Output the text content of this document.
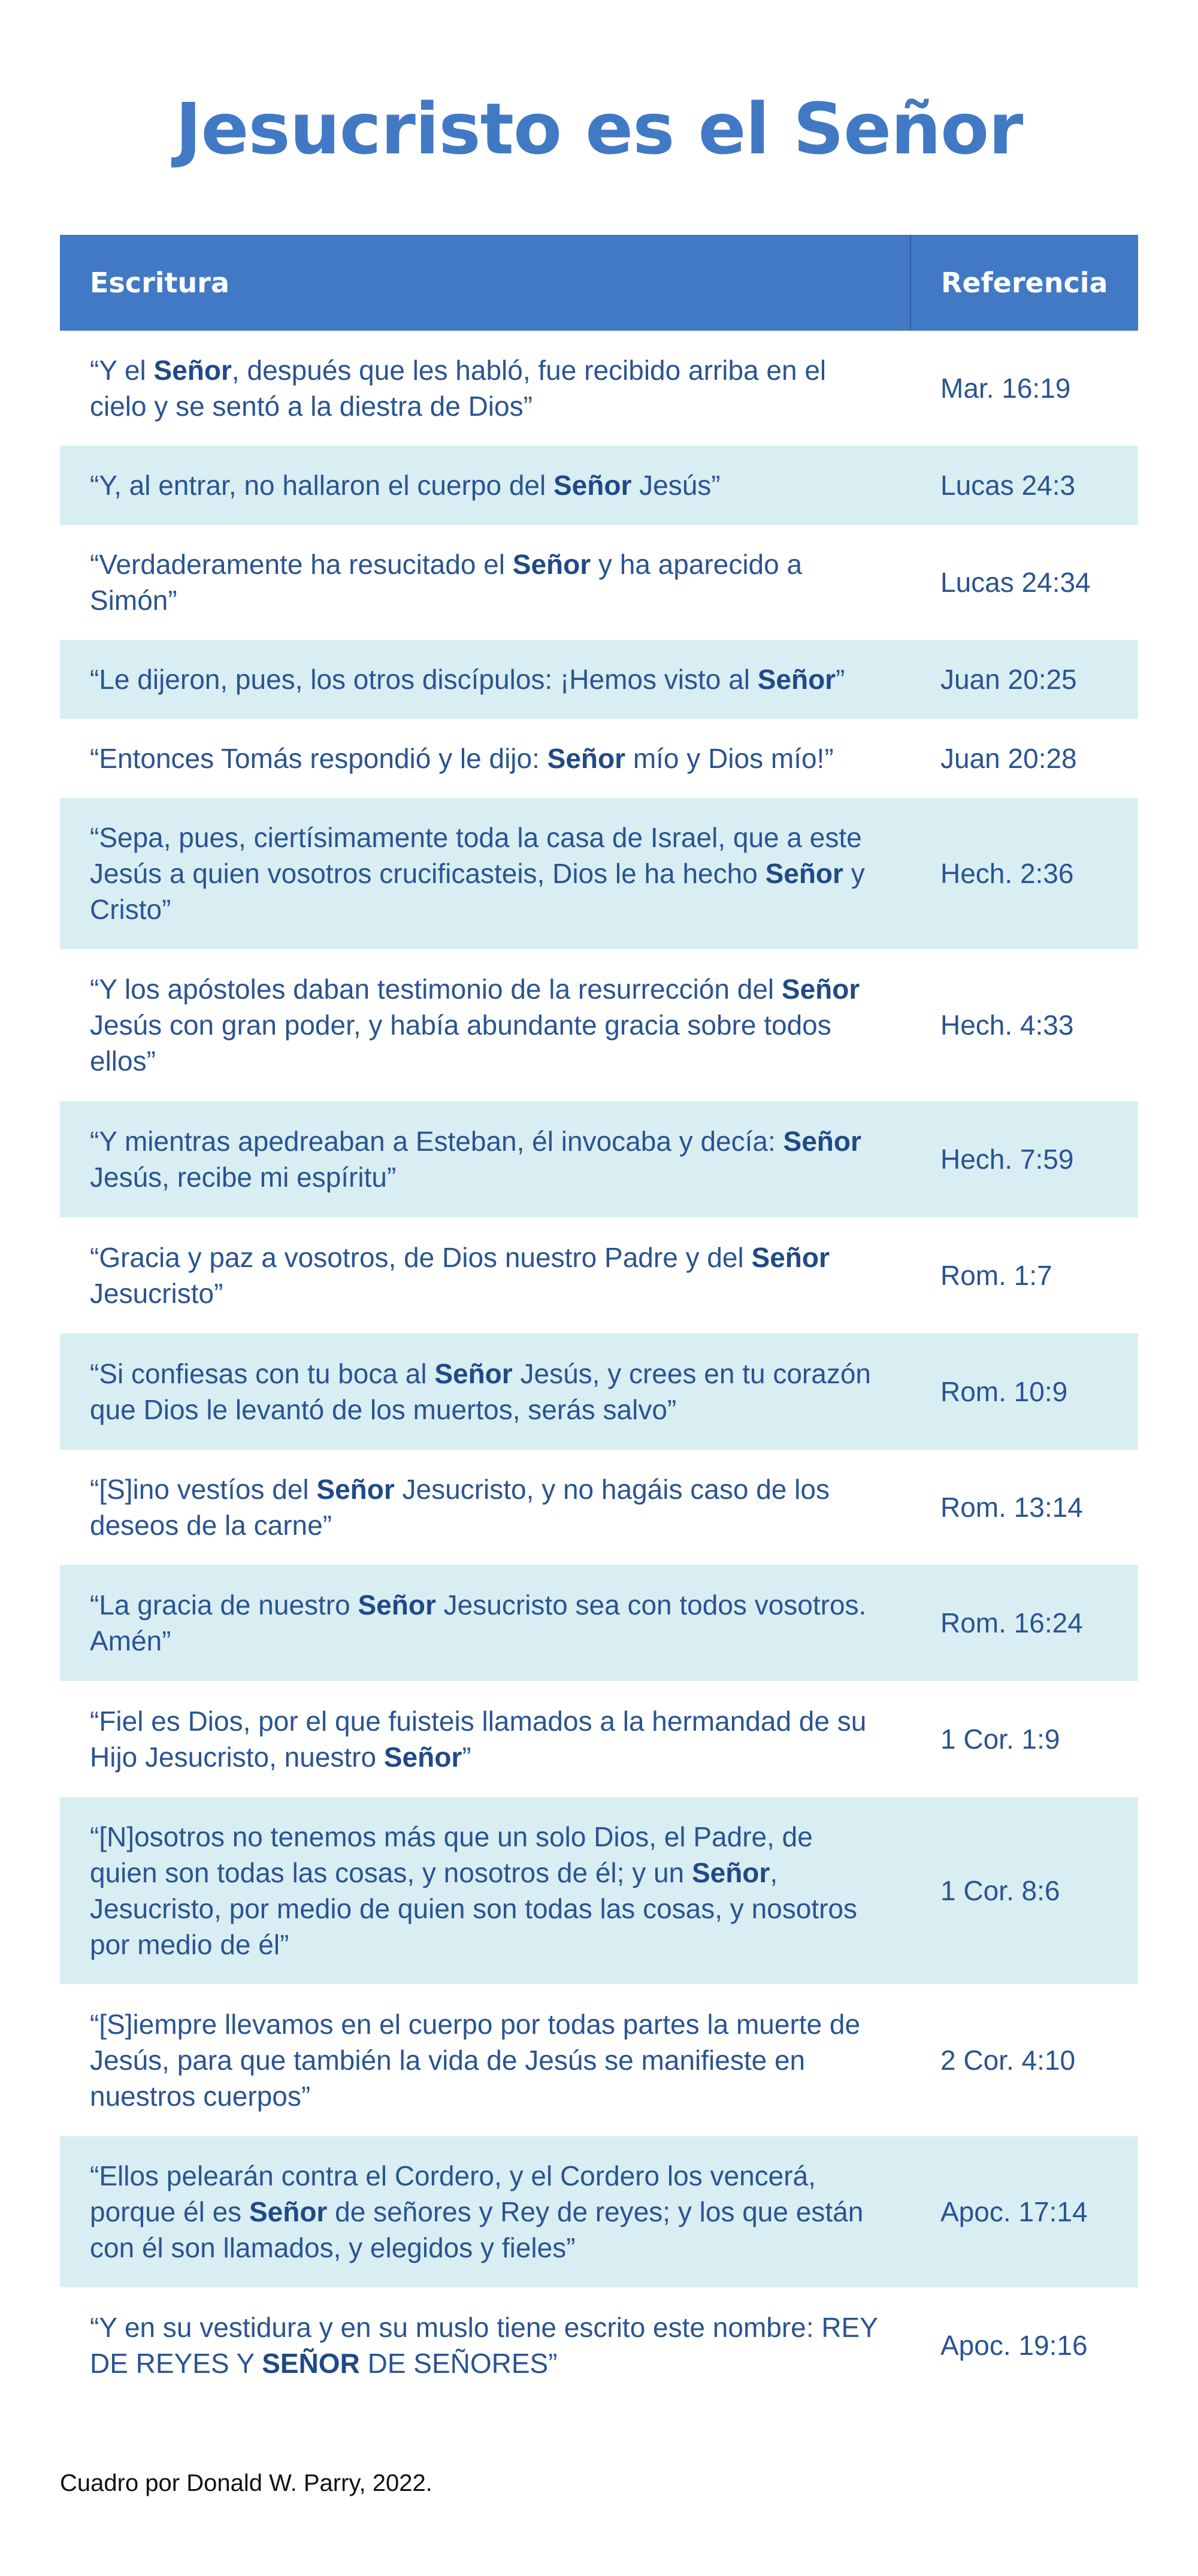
Jesucristo es el Señor
Escritura	Referencia
“Y el Señor, después que les habló, fue recibido arriba en el cielo y se sentó a la diestra de Dios”	Mar. 16:19
“Y, al entrar, no hallaron el cuerpo del Señor Jesús”	Lucas 24:3
“Verdaderamente ha resucitado el Señor y ha aparecido a Simón”	Lucas 24:34
“Le dijeron, pues, los otros discípulos: ¡Hemos visto al Señor”	Juan 20:25
“Entonces Tomás respondió y le dijo: Señor mío y Dios mío!”	Juan 20:28
“Sepa, pues, ciertísimamente toda la casa de Israel, que a este Jesús a quien vosotros crucificasteis, Dios le ha hecho Señor y Cristo”	Hech. 2:36
“Y los apóstoles daban testimonio de la resurrección del Señor Jesús con gran poder, y había abundante gracia sobre todos ellos”	Hech. 4:33
“Y mientras apedreaban a Esteban, él invocaba y decía: Señor Jesús, recibe mi espíritu”	Hech. 7:59
“Gracia y paz a vosotros, de Dios nuestro Padre y del Señor Jesucristo”	Rom. 1:7
“Si confiesas con tu boca al Señor Jesús, y crees en tu corazón que Dios le levantó de los muertos, serás salvo”	Rom. 10:9
“[S]ino vestíos del Señor Jesucristo, y no hagáis caso de los deseos de la carne”	Rom. 13:14
“La gracia de nuestro Señor Jesucristo sea con todos vosotros. Amén”	Rom. 16:24
“Fiel es Dios, por el que fuisteis llamados a la hermandad de su Hijo Jesucristo, nuestro Señor”	1 Cor. 1:9
“[N]osotros no tenemos más que un solo Dios, el Padre, de quien son todas las cosas, y nosotros de él; y un Señor, Jesucristo, por medio de quien son todas las cosas, y nosotros por medio de él”	1 Cor. 8:6
“[S]iempre llevamos en el cuerpo por todas partes la muerte de Jesús, para que también la vida de Jesús se manifieste en nuestros cuerpos”	2 Cor. 4:10
“Ellos pelearán contra el Cordero, y el Cordero los vencerá, porque él es Señor de señores y Rey de reyes; y los que están con él son llamados, y elegidos y fieles”	Apoc. 17:14
“Y en su vestidura y en su muslo tiene escrito este nombre: REY DE REYES Y SEÑOR DE SEÑORES”	Apoc. 19:16
Cuadro por Donald W. Parry, 2022.
